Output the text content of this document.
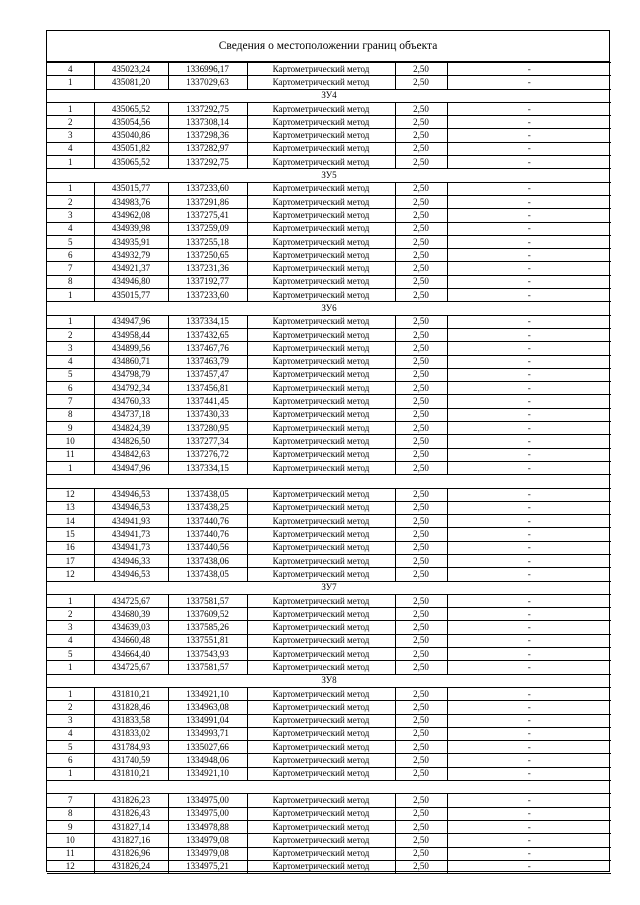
Сведения о местоположении границ объекта
4	435023,24	1336996,17	Картометрический метод	2,50	-
1	435081,20	1337029,63	Картометрический метод	2,50	-
ЗУ4					
1	435065,52	1337292,75	Картометрический метод	2,50	-
2	435054,56	1337308,14	Картометрический метод	2,50	-
3	435040,86	1337298,36	Картометрический метод	2,50	-
4	435051,82	1337282,97	Картометрический метод	2,50	-
1	435065,52	1337292,75	Картометрический метод	2,50	-
ЗУ5					
1	435015,77	1337233,60	Картометрический метод	2,50	-
2	434983,76	1337291,86	Картометрический метод	2,50	-
3	434962,08	1337275,41	Картометрический метод	2,50	-
4	434939,98	1337259,09	Картометрический метод	2,50	-
5	434935,91	1337255,18	Картометрический метод	2,50	-
6	434932,79	1337250,65	Картометрический метод	2,50	-
7	434921,37	1337231,36	Картометрический метод	2,50	-
8	434946,80	1337192,77	Картометрический метод	2,50	-
1	435015,77	1337233,60	Картометрический метод	2,50	-
ЗУ6					
1	434947,96	1337334,15	Картометрический метод	2,50	-
2	434958,44	1337432,65	Картометрический метод	2,50	-
3	434899,56	1337467,76	Картометрический метод	2,50	-
4	434860,71	1337463,79	Картометрический метод	2,50	-
5	434798,79	1337457,47	Картометрический метод	2,50	-
6	434792,34	1337456,81	Картометрический метод	2,50	-
7	434760,33	1337441,45	Картометрический метод	2,50	-
8	434737,18	1337430,33	Картометрический метод	2,50	-
9	434824,39	1337280,95	Картометрический метод	2,50	-
10	434826,50	1337277,34	Картометрический метод	2,50	-
11	434842,63	1337276,72	Картометрический метод	2,50	-
1	434947,96	1337334,15	Картометрический метод	2,50	-

12	434946,53	1337438,05	Картометрический метод	2,50	-
13	434946,53	1337438,25	Картометрический метод	2,50	-
14	434941,93	1337440,76	Картометрический метод	2,50	-
15	434941,73	1337440,76	Картометрический метод	2,50	-
16	434941,73	1337440,56	Картометрический метод	2,50	-
17	434946,33	1337438,06	Картометрический метод	2,50	-
12	434946,53	1337438,05	Картометрический метод	2,50	-
ЗУ7					
1	434725,67	1337581,57	Картометрический метод	2,50	-
2	434680,39	1337609,52	Картометрический метод	2,50	-
3	434639,03	1337585,26	Картометрический метод	2,50	-
4	434660,48	1337551,81	Картометрический метод	2,50	-
5	434664,40	1337543,93	Картометрический метод	2,50	-
1	434725,67	1337581,57	Картометрический метод	2,50	-
ЗУ8					
1	431810,21	1334921,10	Картометрический метод	2,50	-
2	431828,46	1334963,08	Картометрический метод	2,50	-
3	431833,58	1334991,04	Картометрический метод	2,50	-
4	431833,02	1334993,71	Картометрический метод	2,50	-
5	431784,93	1335027,66	Картометрический метод	2,50	-
6	431740,59	1334948,06	Картометрический метод	2,50	-
1	431810,21	1334921,10	Картометрический метод	2,50	-

7	431826,23	1334975,00	Картометрический метод	2,50	-
8	431826,43	1334975,00	Картометрический метод	2,50	-
9	431827,14	1334978,88	Картометрический метод	2,50	-
10	431827,16	1334979,08	Картометрический метод	2,50	-
11	431826,96	1334979,08	Картометрический метод	2,50	-
12	431826,24	1334975,21	Картометрический метод	2,50	-
